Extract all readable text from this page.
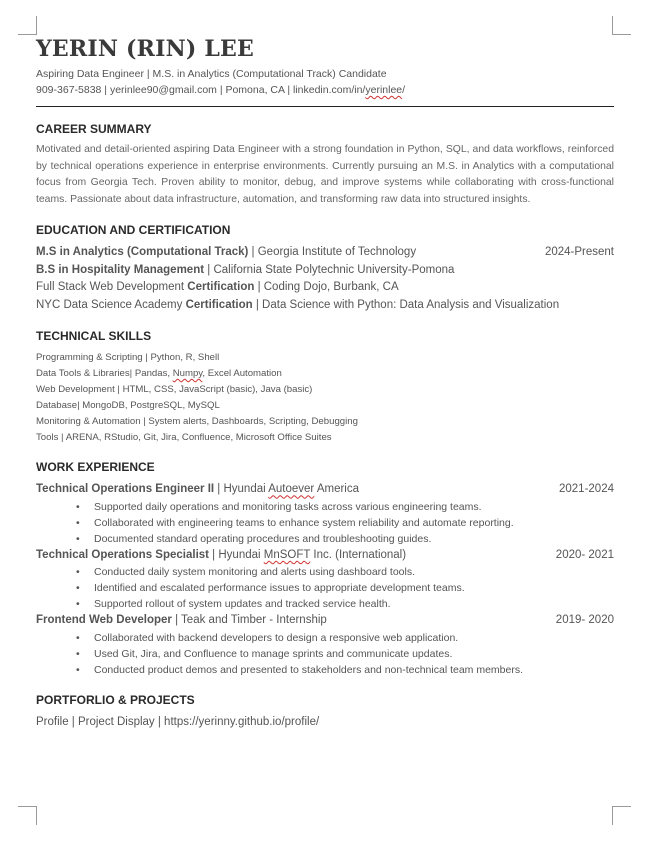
YERIN (RIN) LEE
Aspiring Data Engineer | M.S. in Analytics (Computational Track) Candidate
909-367-5838 | yerinlee90@gmail.com | Pomona, CA | linkedin.com/in/yerinlee/
CAREER SUMMARY
Motivated and detail-oriented aspiring Data Engineer with a strong foundation in Python, SQL, and data workflows, reinforced by technical operations experience in enterprise environments. Currently pursuing an M.S. in Analytics with a computational focus from Georgia Tech. Proven ability to monitor, debug, and improve systems while collaborating with cross-functional teams. Passionate about data infrastructure, automation, and transforming raw data into structured insights.
EDUCATION AND CERTIFICATION
M.S in Analytics (Computational Track) | Georgia Institute of Technology	2024-Present
B.S in Hospitality Management | California State Polytechnic University-Pomona
Full Stack Web Development Certification | Coding Dojo, Burbank, CA
NYC Data Science Academy Certification | Data Science with Python: Data Analysis and Visualization
TECHNICAL SKILLS
Programming & Scripting | Python, R, Shell
Data Tools & Libraries| Pandas, Numpy, Excel Automation
Web Development | HTML, CSS, JavaScript (basic), Java (basic)
Database| MongoDB, PostgreSQL, MySQL
Monitoring & Automation | System alerts, Dashboards, Scripting, Debugging
Tools | ARENA, RStudio, Git, Jira, Confluence, Microsoft Office Suites
WORK EXPERIENCE
Technical Operations Engineer II | Hyundai Autoever America	2021-2024
• Supported daily operations and monitoring tasks across various engineering teams.
• Collaborated with engineering teams to enhance system reliability and automate reporting.
• Documented standard operating procedures and troubleshooting guides.
Technical Operations Specialist | Hyundai MnSOFT Inc. (International)	2020- 2021
• Conducted daily system monitoring and alerts using dashboard tools.
• Identified and escalated performance issues to appropriate development teams.
• Supported rollout of system updates and tracked service health.
Frontend Web Developer | Teak and Timber - Internship	2019- 2020
• Collaborated with backend developers to design a responsive web application.
• Used Git, Jira, and Confluence to manage sprints and communicate updates.
• Conducted product demos and presented to stakeholders and non-technical team members.
PORTFORLIO & PROJECTS
Profile | Project Display | https://yerinny.github.io/profile/
